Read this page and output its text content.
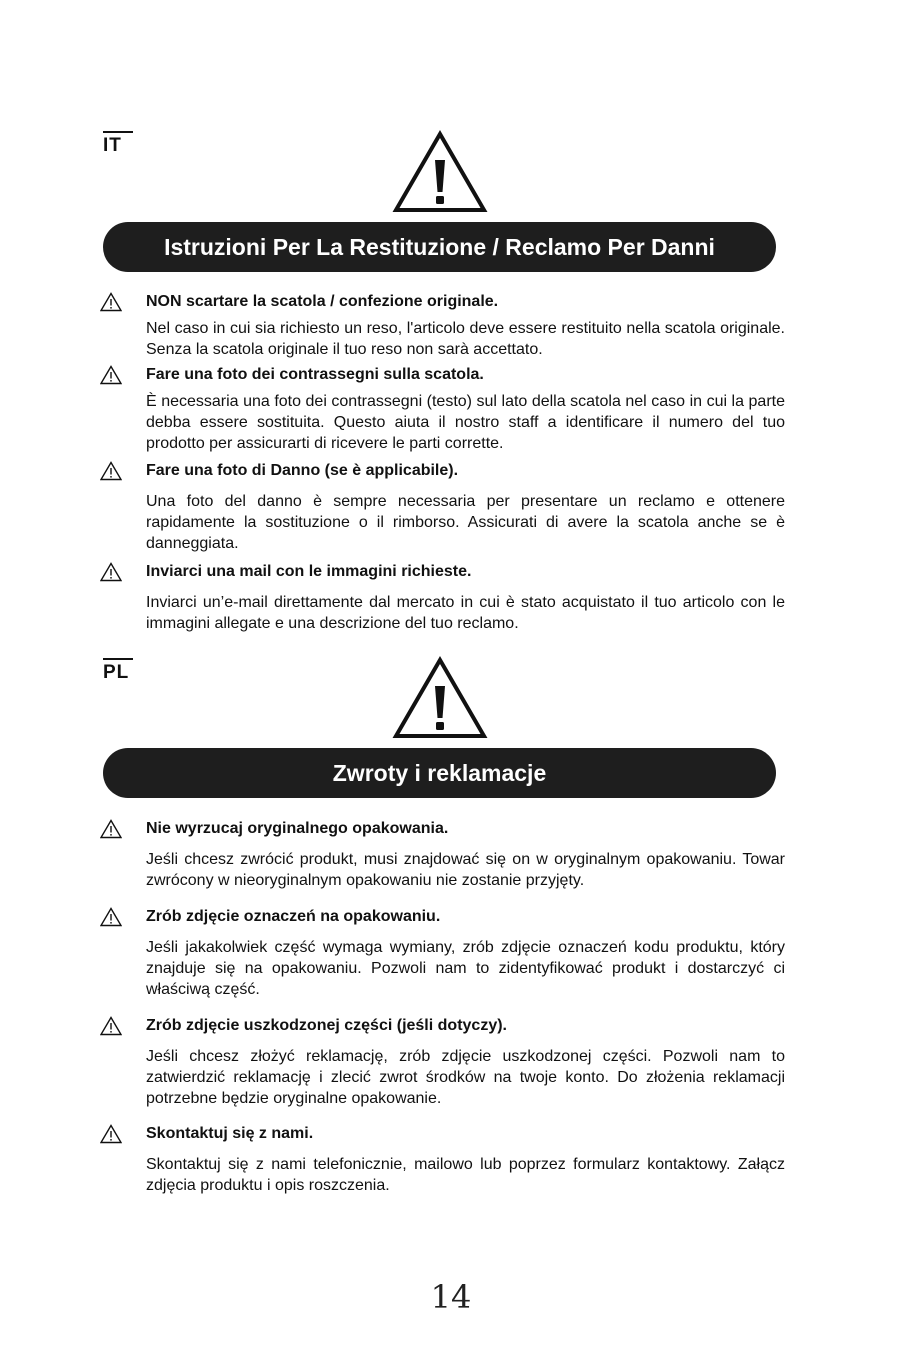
IT
Istruzioni Per La Restituzione / Reclamo Per Danni
NON scartare la scatola / confezione originale.

Nel caso in cui sia richiesto un reso, l'articolo deve essere restituito nella scatola originale. Senza la scatola originale il tuo reso non sarà accettato.

Fare una foto dei contrassegni sulla scatola.

È necessaria una foto dei contrassegni (testo) sul lato della scatola nel caso in cui la parte debba essere sostituita. Questo aiuta il nostro staff a identificare il numero del tuo prodotto per assicurarti di ricevere le parti corrette.

Fare una foto di Danno (se è applicabile).

Una foto del danno è sempre necessaria per presentare un reclamo e ottenere rapidamente la sostituzione o il rimborso. Assicurati di avere la scatola anche se è danneggiata.

Inviarci una mail con le immagini richieste.

Inviarci un’e-mail direttamente dal mercato in cui è stato acquistato il tuo articolo con le immagini allegate e una descrizione del tuo reclamo.

PL
Zwroty i reklamacje
Nie wyrzucaj oryginalnego opakowania.

Jeśli chcesz zwrócić produkt, musi znajdować się on w oryginalnym opakowaniu. Towar zwrócony w nieoryginalnym opakowaniu nie zostanie przyjęty.

Zrób zdjęcie oznaczeń na opakowaniu.

Jeśli jakakolwiek część wymaga wymiany, zrób zdjęcie oznaczeń kodu produktu, który znajduje się na opakowaniu. Pozwoli nam to zidentyfikować produkt i dostarczyć ci właściwą część.

Zrób zdjęcie uszkodzonej części (jeśli dotyczy).

Jeśli chcesz złożyć reklamację, zrób zdjęcie uszkodzonej części. Pozwoli nam to zatwierdzić reklamację i zlecić zwrot środków na twoje konto. Do złożenia reklamacji potrzebne będzie oryginalne opakowanie.

Skontaktuj się z nami.

Skontaktuj się z nami telefonicznie, mailowo lub poprzez formularz kontaktowy. Załącz zdjęcia produktu i opis roszczenia.

14
